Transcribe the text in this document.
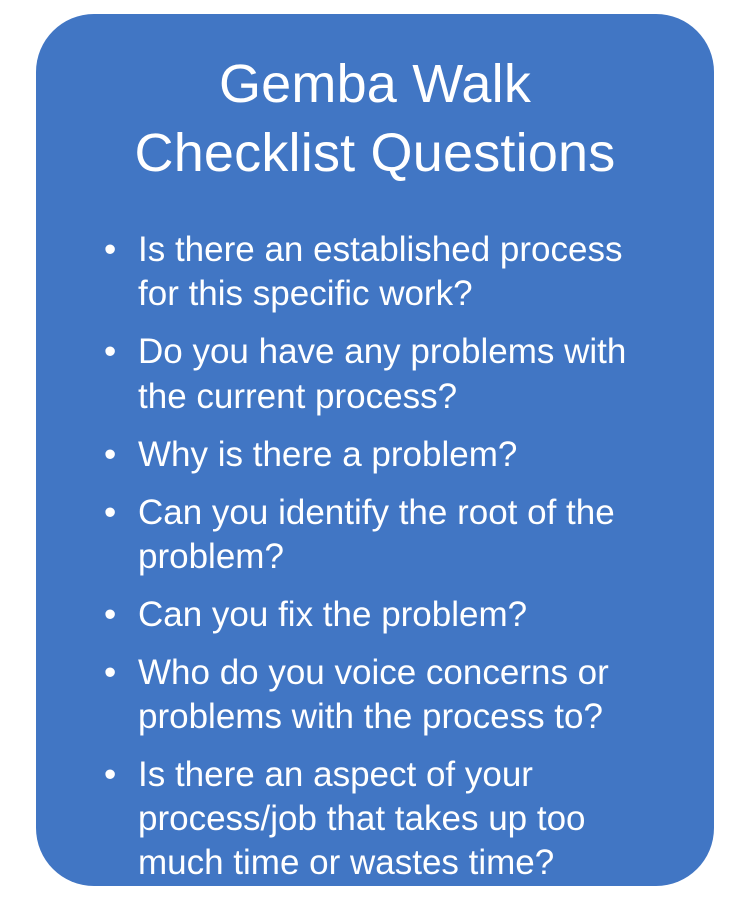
Gemba Walk
Checklist Questions
• Is there an established process for this specific work?
• Do you have any problems with the current process?
• Why is there a problem?
• Can you identify the root of the problem?
• Can you fix the problem?
• Who do you voice concerns or problems with the process to?
• Is there an aspect of your process/job that takes up too much time or wastes time?
